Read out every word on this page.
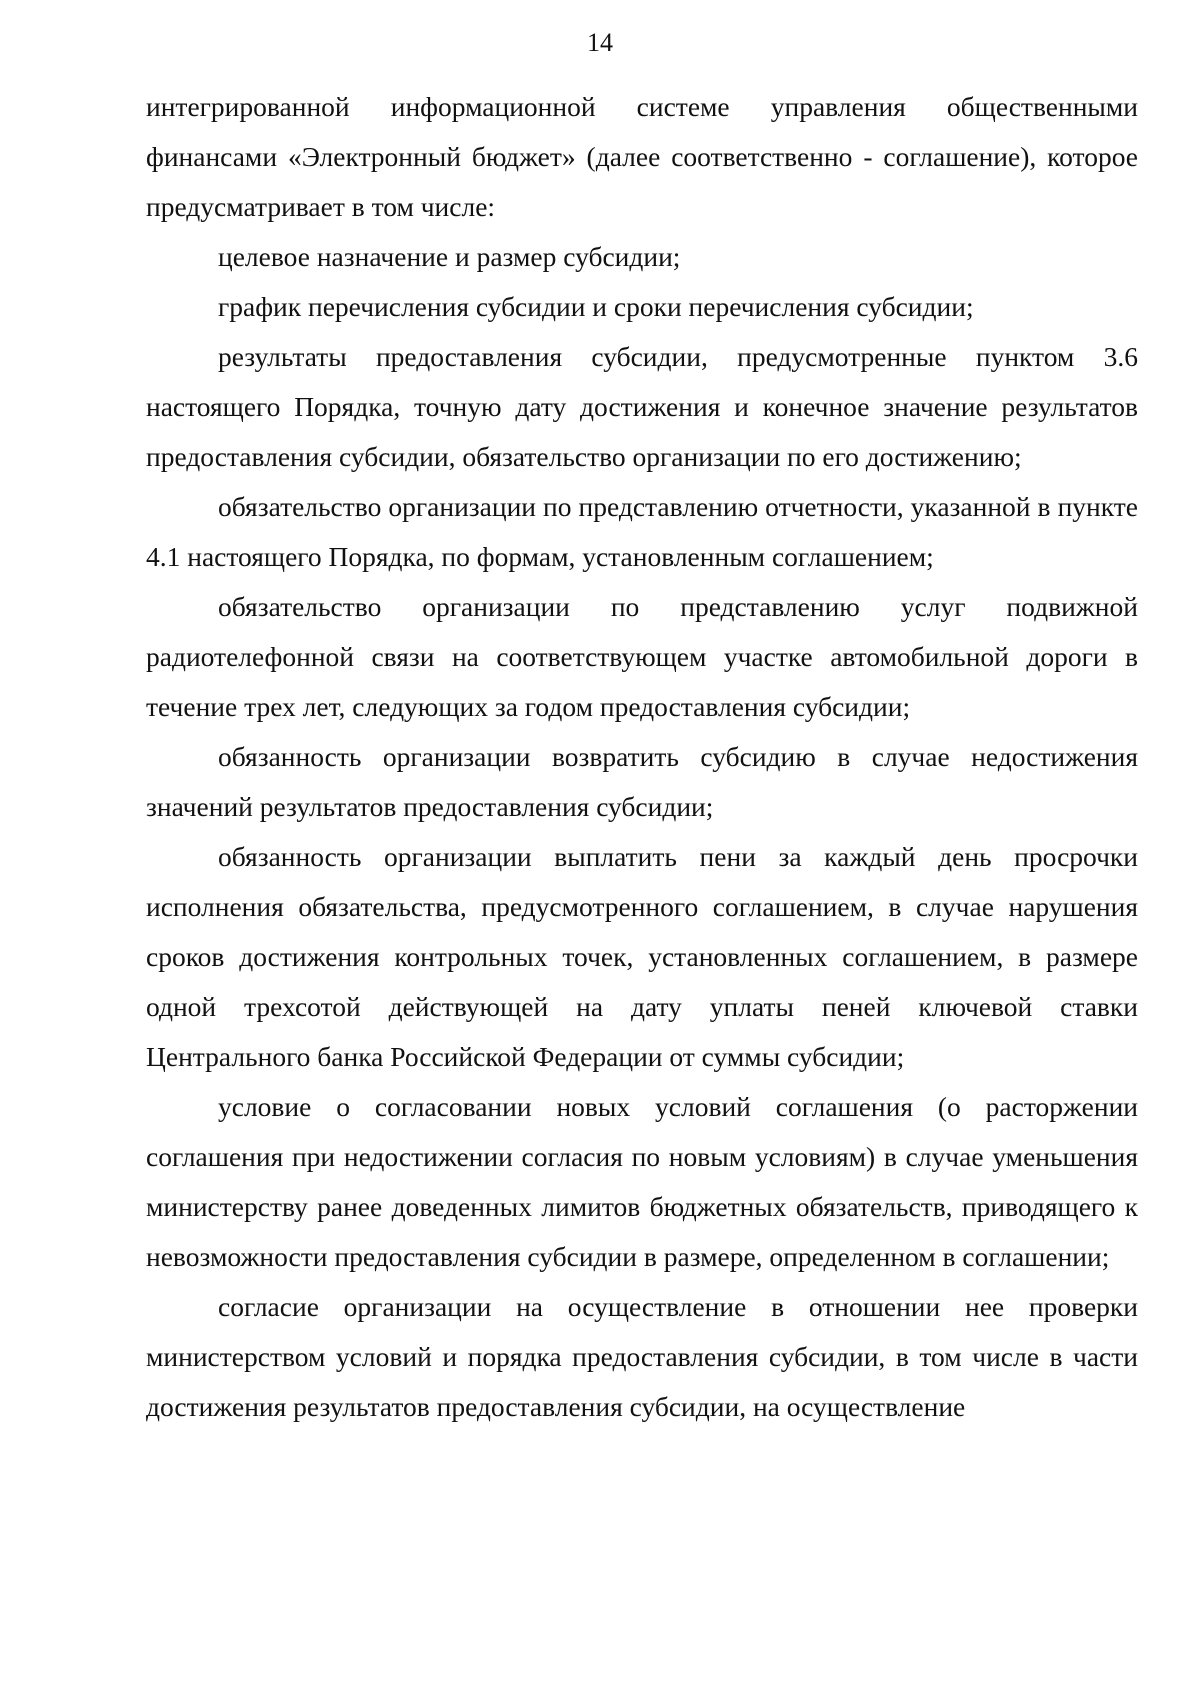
14

интегрированной информационной системе управления общественными финансами «Электронный бюджет» (далее соответственно - соглашение), которое предусматривает в том числе:

целевое назначение и размер субсидии;

график перечисления субсидии и сроки перечисления субсидии;

результаты предоставления субсидии, предусмотренные пунктом 3.6 настоящего Порядка, точную дату достижения и конечное значение результатов предоставления субсидии, обязательство организации по его достижению;

обязательство организации по представлению отчетности, указанной в пункте 4.1 настоящего Порядка, по формам, установленным соглашением;

обязательство организации по представлению услуг подвижной радиотелефонной связи на соответствующем участке автомобильной дороги в течение трех лет, следующих за годом предоставления субсидии;

обязанность организации возвратить субсидию в случае недостижения значений результатов предоставления субсидии;

обязанность организации выплатить пени за каждый день просрочки исполнения обязательства, предусмотренного соглашением, в случае нарушения сроков достижения контрольных точек, установленных соглашением, в размере одной трехсотой действующей на дату уплаты пеней ключевой ставки Центрального банка Российской Федерации от суммы субсидии;

условие о согласовании новых условий соглашения (о расторжении соглашения при недостижении согласия по новым условиям) в случае уменьшения министерству ранее доведенных лимитов бюджетных обязательств, приводящего к невозможности предоставления субсидии в размере, определенном в соглашении;

согласие организации на осуществление в отношении нее проверки министерством условий и порядка предоставления субсидии, в том числе в части достижения результатов предоставления субсидии, на осуществление
